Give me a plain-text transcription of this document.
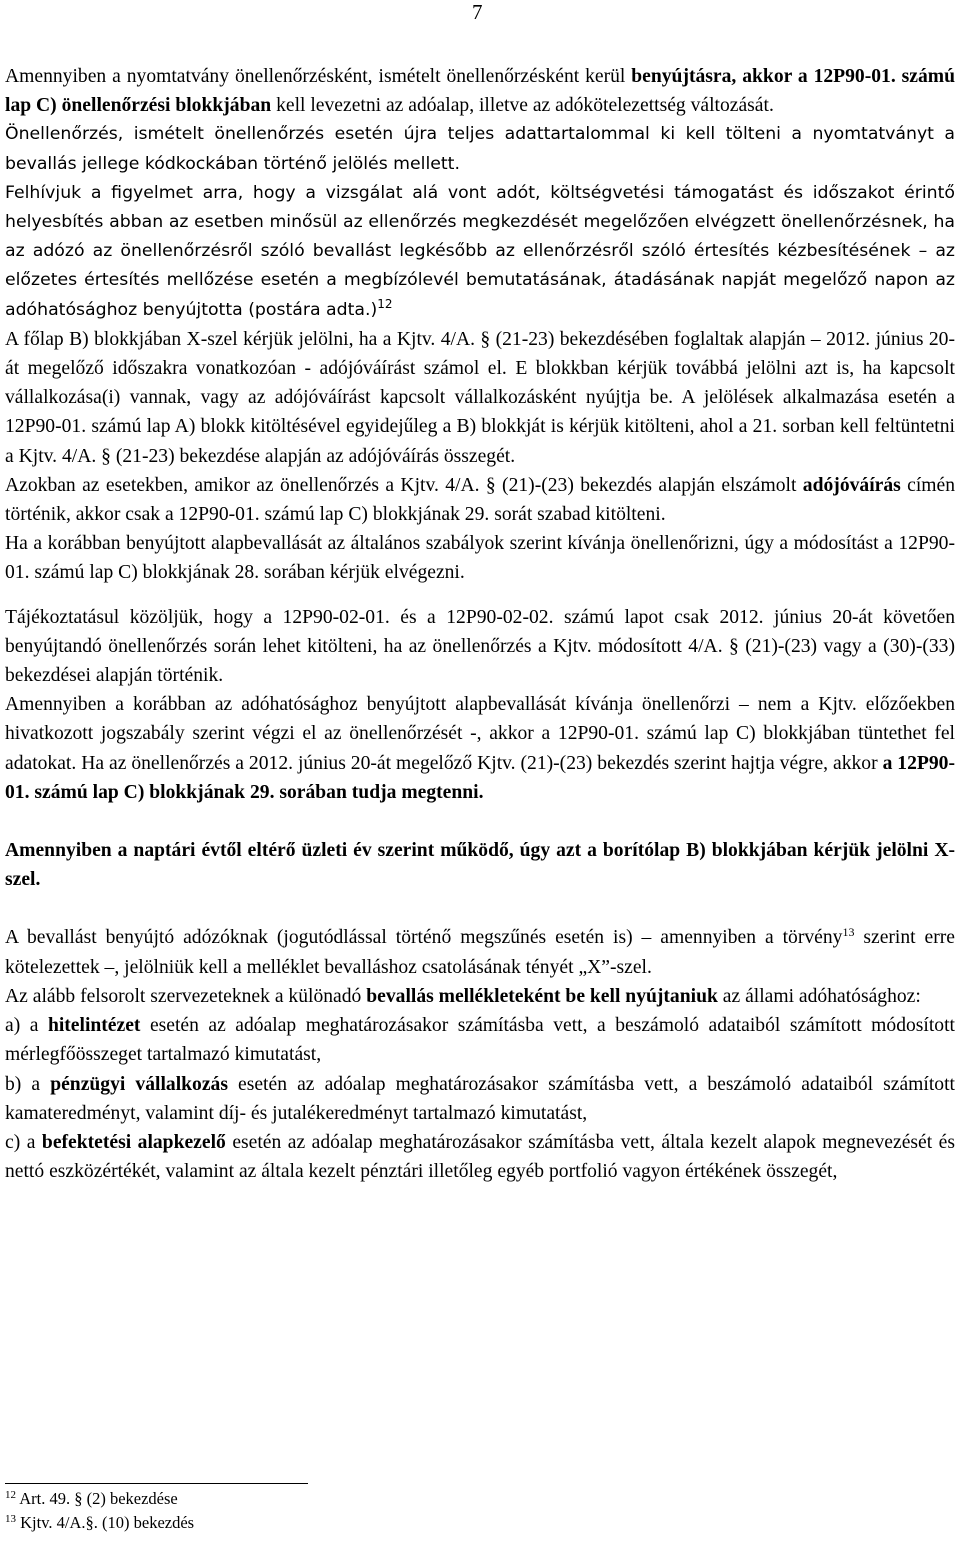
7

Amennyiben a nyomtatvány önellenőrzésként, ismételt önellenőrzésként kerül benyújtásra, akkor a 12P90-01. számú lap C) önellenőrzési blokkjában kell levezetni az adóalap, illetve az adókötelezettség változását.

Önellenőrzés, ismételt önellenőrzés esetén újra teljes adattartalommal ki kell tölteni a nyomtatványt a bevallás jellege kódkockában történő jelölés mellett.

Felhívjuk a figyelmet arra, hogy a vizsgálat alá vont adót, költségvetési támogatást és időszakot érintő helyesbítés abban az esetben minősül az ellenőrzés megkezdését megelőzően elvégzett önellenőrzésnek, ha az adózó az önellenőrzésről szóló bevallást legkésőbb az ellenőrzésről szóló értesítés kézbesítésének – az előzetes értesítés mellőzése esetén a megbízólevél bemutatásának, átadásának napját megelőző napon az adóhatósághoz benyújtotta (postára adta.)$^{12}$

A főlap B) blokkjában X-szel kérjük jelölni, ha a Kjtv. 4/A. § (21-23) bekezdésében foglaltak alapján – 2012. június 20-át megelőző időszakra vonatkozóan - adójóváírást számol el. E blokkban kérjük továbbá jelölni azt is, ha kapcsolt vállalkozása(i) vannak, vagy az adójóváírást kapcsolt vállalkozásként nyújtja be. A jelölések alkalmazása esetén a 12P90-01. számú lap A) blokk kitöltésével egyidejűleg a B) blokkját is kérjük kitölteni, ahol a 21. sorban kell feltüntetni a Kjtv. 4/A. § (21-23) bekezdése alapján az adójóváírás összegét.

Azokban az esetekben, amikor az önellenőrzés a Kjtv. 4/A. § (21)-(23) bekezdés alapján elszámolt adójóváírás címén történik, akkor csak a 12P90-01. számú lap C) blokkjának 29. sorát szabad kitölteni.

Ha a korábban benyújtott alapbevallását az általános szabályok szerint kívánja önellenőrizni, úgy a módosítást a 12P90-01. számú lap C) blokkjának 28. sorában kérjük elvégezni.

Tájékoztatásul közöljük, hogy a 12P90-02-01. és a 12P90-02-02. számú lapot csak 2012. június 20-át követően benyújtandó önellenőrzés során lehet kitölteni, ha az önellenőrzés a Kjtv. módosított 4/A. § (21)-(23) vagy a (30)-(33) bekezdései alapján történik.

Amennyiben a korábban az adóhatósághoz benyújtott alapbevallását kívánja önellenőrzi – nem a Kjtv. előzőekben hivatkozott jogszabály szerint végzi el az önellenőrzését -, akkor a 12P90-01. számú lap C) blokkjában tüntethet fel adatokat. Ha az önellenőrzés a 2012. június 20-át megelőző Kjtv. (21)-(23) bekezdés szerint hajtja végre, akkor a 12P90-01. számú lap C) blokkjának 29. sorában tudja megtenni.

Amennyiben a naptári évtől eltérő üzleti év szerint működő, úgy azt a borítólap B) blokkjában kérjük jelölni X-szel.

A bevallást benyújtó adózóknak (jogutódlással történő megszűnés esetén is) – amennyiben a törvény$^{13}$ szerint erre kötelezettek –, jelölniük kell a melléklet bevalláshoz csatolásának tényét „X”-szel.

Az alább felsorolt szervezeteknek a különadó bevallás mellékleteként be kell nyújtaniuk az állami adóhatósághoz:

a) a hitelintézet esetén az adóalap meghatározásakor számításba vett, a beszámoló adataiból számított módosított mérlegfőösszeget tartalmazó kimutatást,

b) a pénzügyi vállalkozás esetén az adóalap meghatározásakor számításba vett, a beszámoló adataiból számított kamateredményt, valamint díj- és jutalékeredményt tartalmazó kimutatást,

c) a befektetési alapkezelő esetén az adóalap meghatározásakor számításba vett, általa kezelt alapok megnevezését és nettó eszközértékét, valamint az általa kezelt pénztári illetőleg egyéb portfolió vagyon értékének összegét,

$^{12}$ Art. 49. § (2) bekezdése

$^{13}$ Kjtv. 4/A.§. (10) bekezdés
